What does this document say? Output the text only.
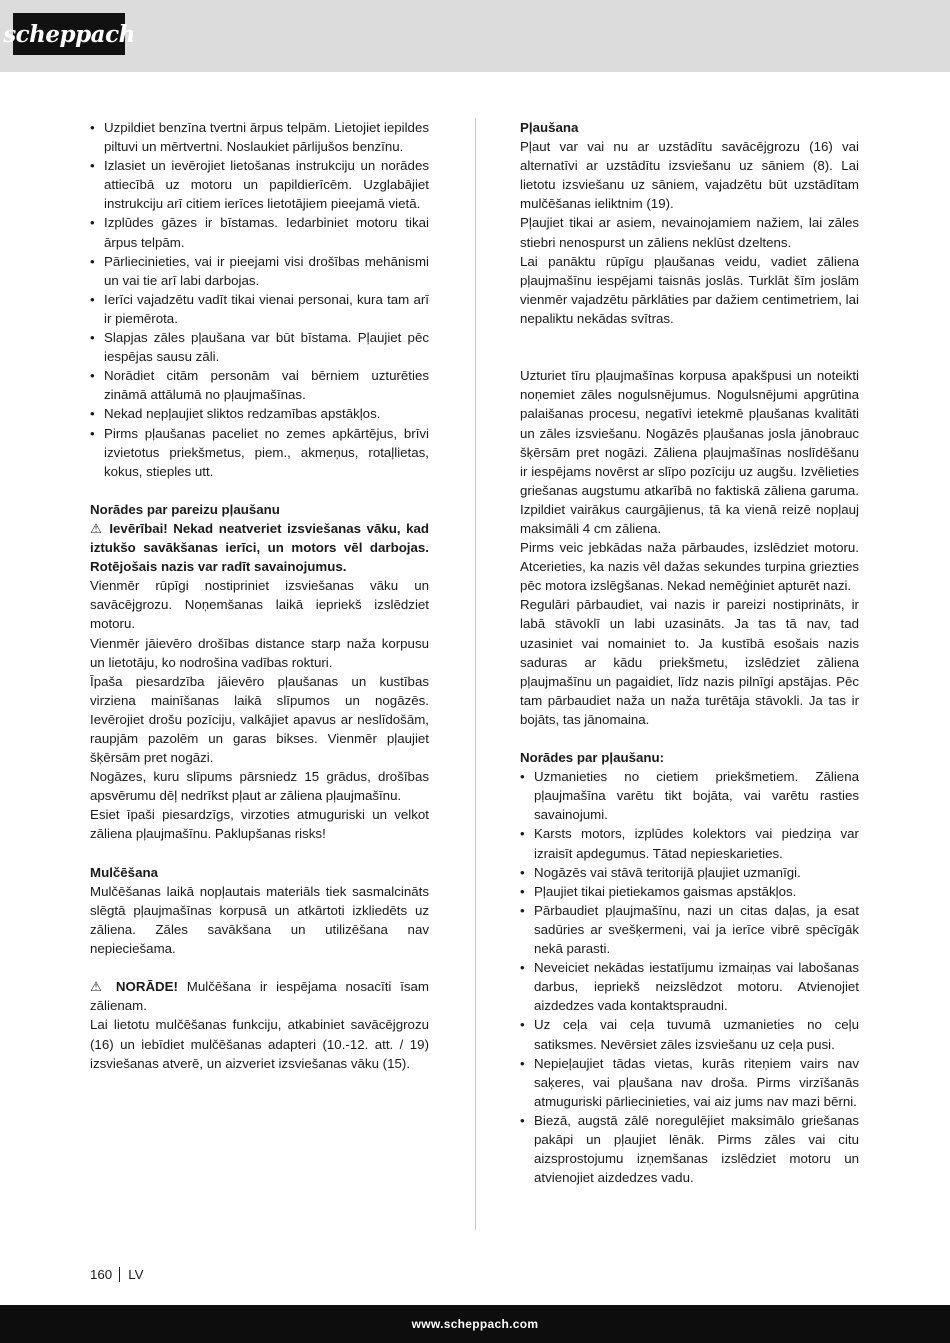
scheppach
• Uzpildiet benzīna tvertni ārpus telpām. Lietojiet iepildes piltuvi un mērtvertni. Noslaukiet pārlijušos benzīnu.
• Izlasiet un ievērojiet lietošanas instrukciju un norādes attiecībā uz motoru un papildierīcēm. Uzglabājiet instrukciju arī citiem ierīces lietotājiem pieejamā vietā.
• Izplūdes gāzes ir bīstamas. Iedarbiniet motoru tikai ārpus telpām.
• Pārliecinieties, vai ir pieejami visi drošības mehānismi un vai tie arī labi darbojas.
• Ierīci vajadzētu vadīt tikai vienai personai, kura tam arī ir piemērota.
• Slapjas zāles pļaušana var būt bīstama. Pļaujiet pēc iespējas sausu zāli.
• Norādiet citām personām vai bērniem uzturēties zināmā attālumā no pļaujmašīnas.
• Nekad nepļaujiet sliktos redzamības apstākļos.
• Pirms pļaušanas paceliet no zemes apkārtējus, brīvi izvietotus priekšmetus, piem., akmeņus, rotaļlietas, kokus, stieples utt.
Norādes par pareizu pļaušanu

⚠ Ievērībai! Nekad neatveriet izsviešanas vāku, kad iztukšo savākšanas ierīci, un motors vēl darbojas. Rotējošais nazis var radīt savainojumus.

Vienmēr rūpīgi nostipriniet izsviešanas vāku un savācējgrozu. Noņemšanas laikā iepriekš izslēdziet motoru.

Vienmēr jāievēro drošības distance starp naža korpusu un lietotāju, ko nodrošina vadības rokturi.

Īpaša piesardzība jāievēro pļaušanas un kustības virziena mainīšanas laikā slīpumos un nogāzēs. Ievērojiet drošu pozīciju, valkājiet apavus ar neslīdošām, raupjām pazolēm un garas bikses. Vienmēr pļaujiet šķērsām pret nogāzi.

Nogāzes, kuru slīpums pārsniedz 15 grādus, drošības apsvērumu dēļ nedrīkst pļaut ar zāliena pļaujmašīnu.

Esiet īpaši piesardzīgs, virzoties atmuguriski un velkot zāliena pļaujmašīnu. Paklupšanas risks!

Mulčēšana

Mulčēšanas laikā nopļautais materiāls tiek sasmalcināts slēgtā pļaujmašīnas korpusā un atkārtoti izkliedēts uz zāliena. Zāles savākšana un utilizēšana nav nepieciešama.

⚠ NORĀDE! Mulčēšana ir iespējama nosacīti īsam zālienam.

Lai lietotu mulčēšanas funkciju, atkabiniet savācējgrozu (16) un iebīdiet mulčēšanas adapteri (10.-12. att. / 19) izsviešanas atverē, un aizveriet izsviešanas vāku (15).

Pļaušana

Pļaut var vai nu ar uzstādītu savācējgrozu (16) vai alternatīvi ar uzstādītu izsviešanu uz sāniem (8). Lai lietotu izsviešanu uz sāniem, vajadzētu būt uzstādītam mulčēšanas ieliktnim (19).

Pļaujiet tikai ar asiem, nevainojamiem nažiem, lai zāles stiebri nenospurst un zāliens neklūst dzeltens.

Lai panāktu rūpīgu pļaušanas veidu, vadiet zāliena pļaujmašīnu iespējami taisnās joslās. Turklāt šīm joslām vienmēr vajadzētu pārklāties par dažiem centimetriem, lai nepaliktu nekādas svītras.

Uzturiet tīru pļaujmašīnas korpusa apakšpusi un noteikti noņemiet zāles nogulsnējumus. Nogulsnējumi apgrūtina palaišanas procesu, negatīvi ietekmē pļaušanas kvalitāti un zāles izsviešanu. Nogāzēs pļaušanas josla jānobrauc šķērsām pret nogāzi. Zāliena pļaujmašīnas noslīdēšanu ir iespējams novērst ar slīpo pozīciju uz augšu. Izvēlieties griešanas augstumu atkarībā no faktiskā zāliena garuma. Izpildiet vairākus caurgājienus, tā ka vienā reizē nopļauj maksimāli 4 cm zāliena.

Pirms veic jebkādas naža pārbaudes, izslēdziet motoru. Atcerieties, ka nazis vēl dažas sekundes turpina griezties pēc motora izslēgšanas. Nekad nemēģiniet apturēt nazi.

Regulāri pārbaudiet, vai nazis ir pareizi nostiprināts, ir labā stāvoklī un labi uzasināts. Ja tas tā nav, tad uzasiniet vai nomainiet to. Ja kustībā esošais nazis saduras ar kādu priekšmetu, izslēdziet zāliena pļaujmašīnu un pagaidiet, līdz nazis pilnīgi apstājas. Pēc tam pārbaudiet naža un naža turētāja stāvokli. Ja tas ir bojāts, tas jānomaina.

Norādes par pļaušanu:
• Uzmanieties no cietiem priekšmetiem. Zāliena pļaujmašīna varētu tikt bojāta, vai varētu rasties savainojumi.
• Karsts motors, izplūdes kolektors vai piedziņa var izraisīt apdegumus. Tātad nepieskarieties.
• Nogāzēs vai stāvā teritorijā pļaujiet uzmanīgi.
• Pļaujiet tikai pietiekamos gaismas apstākļos.
• Pārbaudiet pļaujmašīnu, nazi un citas daļas, ja esat sadūries ar svešķermeni, vai ja ierīce vibrē spēcīgāk nekā parasti.
• Neveiciet nekādas iestatījumu izmaiņas vai labošanas darbus, iepriekš neizslēdzot motoru. Atvienojiet aizdedzes vada kontaktspraudni.
• Uz ceļa vai ceļa tuvumā uzmanieties no ceļu satiksmes. Nevērsiet zāles izsviešanu uz ceļa pusi.
• Nepieļaujiet tādas vietas, kurās riteņiem vairs nav saķeres, vai pļaušana nav droša. Pirms virzīšanās atmuguriski pārliecinieties, vai aiz jums nav mazi bērni.
• Biezā, augstā zālē noregulējiet maksimālo griešanas pakāpi un pļaujiet lēnāk. Pirms zāles vai citu aizsprostojumu izņemšanas izslēdziet motoru un atvienojiet aizdedzes vadu.
160 LV
www.scheppach.com
